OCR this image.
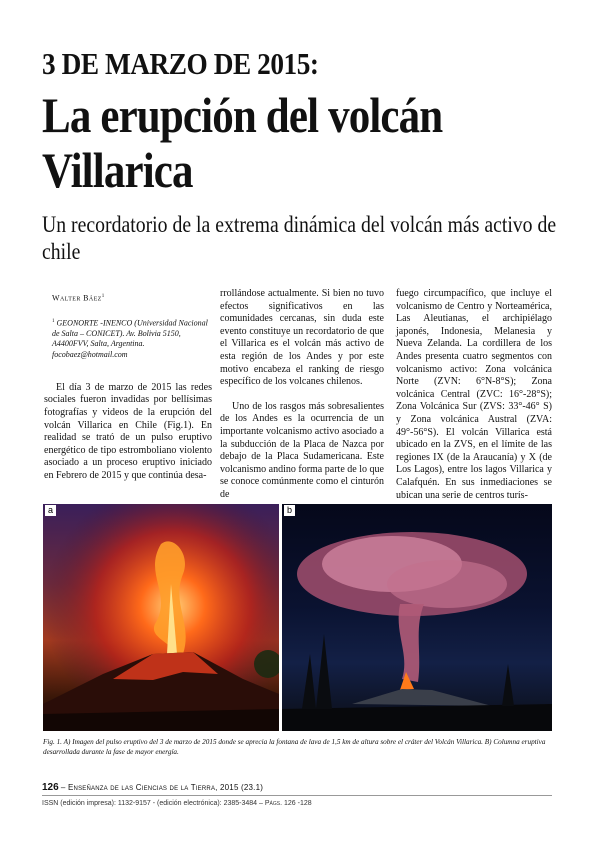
3 DE MARZO DE 2015:
La erupción del volcán Villarica
Un recordatorio de la extrema dinámica del volcán más activo de chile
Walter Báez$^1$
$^1$ GEONORTE -INENCO (Universidad Nacional de Salta – CONICET). Av. Bolivia 5150, A4400FVV, Salta, Argentina.
focobaez@hotmail.com

El día 3 de marzo de 2015 las redes sociales fueron invadidas por bellísimas fotografías y videos de la erupción del volcán Villarica en Chile (Fig.1). En realidad se trató de un pulso eruptivo energético de tipo estromboliano violento asociado a un proceso eruptivo iniciado en Febrero de 2015 y que continúa desa-

rrollándose actualmente. Si bien no tuvo efectos significativos en las comunidades cercanas, sin duda este evento constituye un recordatorio de que el Villarica es el volcán más activo de esta región de los Andes y por este motivo encabeza el ranking de riesgo específico de los volcanes chilenos.

Uno de los rasgos más sobresalientes de los Andes es la ocurrencia de un importante volcanismo activo asociado a la subducción de la Placa de Nazca por debajo de la Placa Sudamericana. Este volcanismo andino forma parte de lo que se conoce comúnmente como el cinturón de

fuego circumpacífico, que incluye el volcanismo de Centro y Norteamérica, Las Aleutianas, el archipiélago japonés, Indonesia, Melanesia y Nueva Zelanda. La cordillera de los Andes presenta cuatro segmentos con volcanismo activo: Zona volcánica Norte (ZVN: 6°N-8°S); Zona volcánica Central (ZVC: 16°-28°S); Zona Volcánica Sur (ZVS: 33°-46° S) y Zona volcánica Austral (ZVA: 49°-56°S). El volcán Villarica está ubicado en la ZVS, en el límite de las regiones IX (de la Araucanía) y X (de Los Lagos), entre los lagos Villarica y Calafquén. En sus inmediaciones se ubican una serie de centros turís-

a	b
Fig. 1. A) Imagen del pulso eruptivo del 3 de marzo de 2015 donde se aprecia la fontana de lava de 1,5 km de altura sobre el cráter del Volcán Villarica. B) Columna eruptiva desarrollada durante la fase de mayor energía.
126 – Enseñanza de las Ciencias de la Tierra, 2015 (23.1)
ISSN (edición impresa): 1132-9157 - (edición electrónica): 2385-3484 – Págs. 126 -128
